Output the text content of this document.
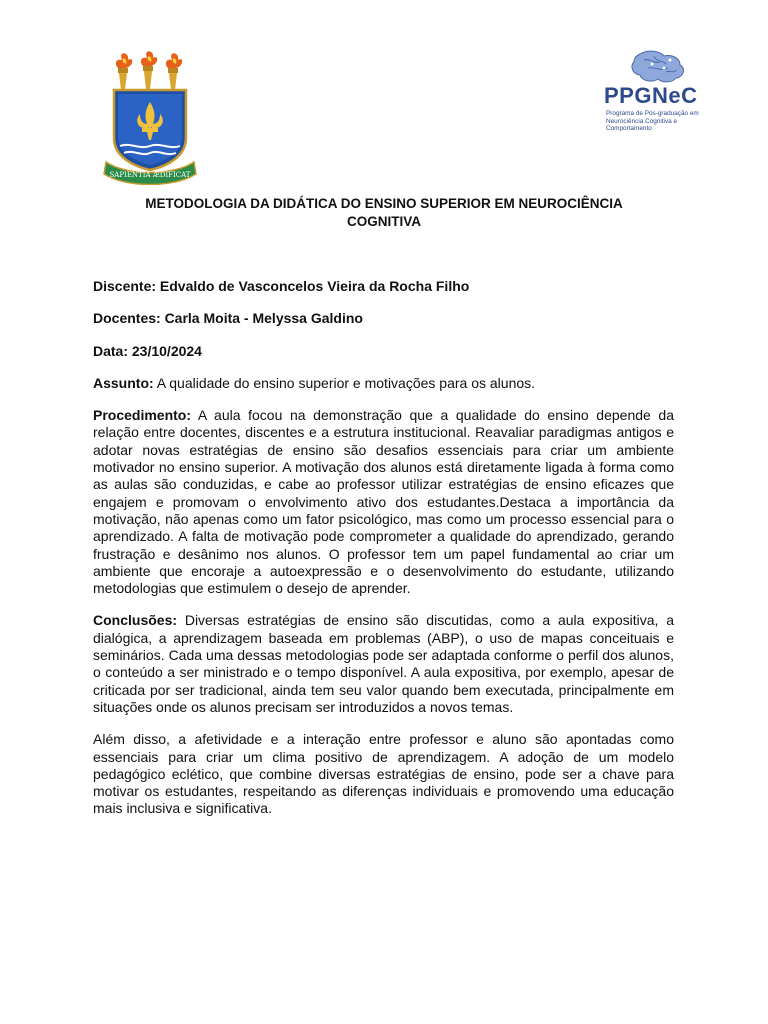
SAPIENTIA ÆDIFICAT
PPGNeC
Programa de Pós-graduação em
Neurociência Cognitiva e Comportamento
METODOLOGIA DA DIDÁTICA DO ENSINO SUPERIOR EM NEUROCIÊNCIA
COGNITIVA

Discente: Edvaldo de Vasconcelos Vieira da Rocha Filho

Docentes: Carla Moita - Melyssa Galdino

Data: 23/10/2024

Assunto: A qualidade do ensino superior e motivações para os alunos.

Procedimento: A aula focou na demonstração que a qualidade do ensino depende da relação entre docentes, discentes e a estrutura institucional. Reavaliar paradigmas antigos e adotar novas estratégias de ensino são desafios essenciais para criar um ambiente motivador no ensino superior. A motivação dos alunos está diretamente ligada à forma como as aulas são conduzidas, e cabe ao professor utilizar estratégias de ensino eficazes que engajem e promovam o envolvimento ativo dos estudantes.Destaca a importância da motivação, não apenas como um fator psicológico, mas como um processo essencial para o aprendizado. A falta de motivação pode comprometer a qualidade do aprendizado, gerando frustração e desânimo nos alunos. O professor tem um papel fundamental ao criar um ambiente que encoraje a autoexpressão e o desenvolvimento do estudante, utilizando metodologias que estimulem o desejo de aprender.

Conclusões: Diversas estratégias de ensino são discutidas, como a aula expositiva, a dialógica, a aprendizagem baseada em problemas (ABP), o uso de mapas conceituais e seminários. Cada uma dessas metodologias pode ser adaptada conforme o perfil dos alunos, o conteúdo a ser ministrado e o tempo disponível. A aula expositiva, por exemplo, apesar de criticada por ser tradicional, ainda tem seu valor quando bem executada, principalmente em situações onde os alunos precisam ser introduzidos a novos temas.

Além disso, a afetividade e a interação entre professor e aluno são apontadas como essenciais para criar um clima positivo de aprendizagem. A adoção de um modelo pedagógico eclético, que combine diversas estratégias de ensino, pode ser a chave para motivar os estudantes, respeitando as diferenças individuais e promovendo uma educação mais inclusiva e significativa.
